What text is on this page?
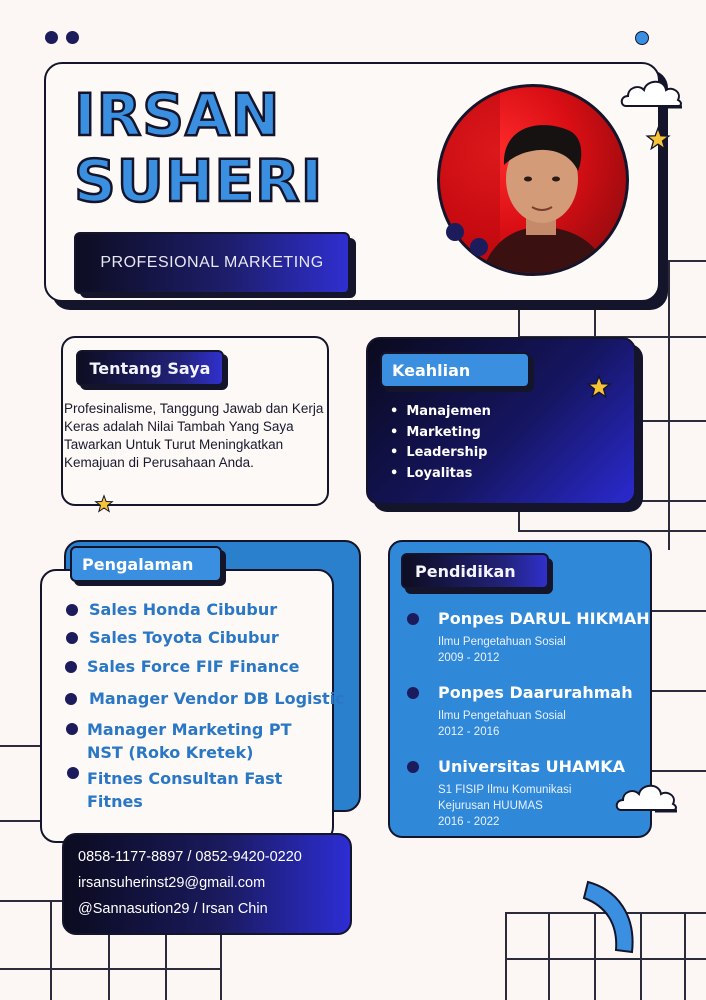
IRSAN
SUHERI
PROFESIONAL MARKETING
Tentang Saya
Profesinalisme, Tanggung Jawab dan Kerja Keras adalah Nilai Tambah Yang Saya Tawarkan Untuk Turut Meningkatkan Kemajuan di Perusahaan Anda.
Keahlian
• Manajemen
• Marketing
• Leadership
• Loyalitas
Pengalaman
Sales Honda Cibubur
Sales Toyota Cibubur
Sales Force FIF Finance
Manager Vendor DB Logistic
Manager Marketing PT NST (Roko Kretek)
Fitnes Consultan Fast Fitnes
0858-1177-8897 / 0852-9420-0220
irsansuherinst29@gmail.com
@Sannasution29 / Irsan Chin
Pendidikan
Ponpes DARUL HIKMAH
Ilmu Pengetahuan Sosial
2009 - 2012
Ponpes Daarurahmah
Ilmu Pengetahuan Sosial
2012 - 2016
Universitas UHAMKA
S1 FISIP Ilmu Komunikasi
Kejurusan HUUMAS
2016 - 2022
